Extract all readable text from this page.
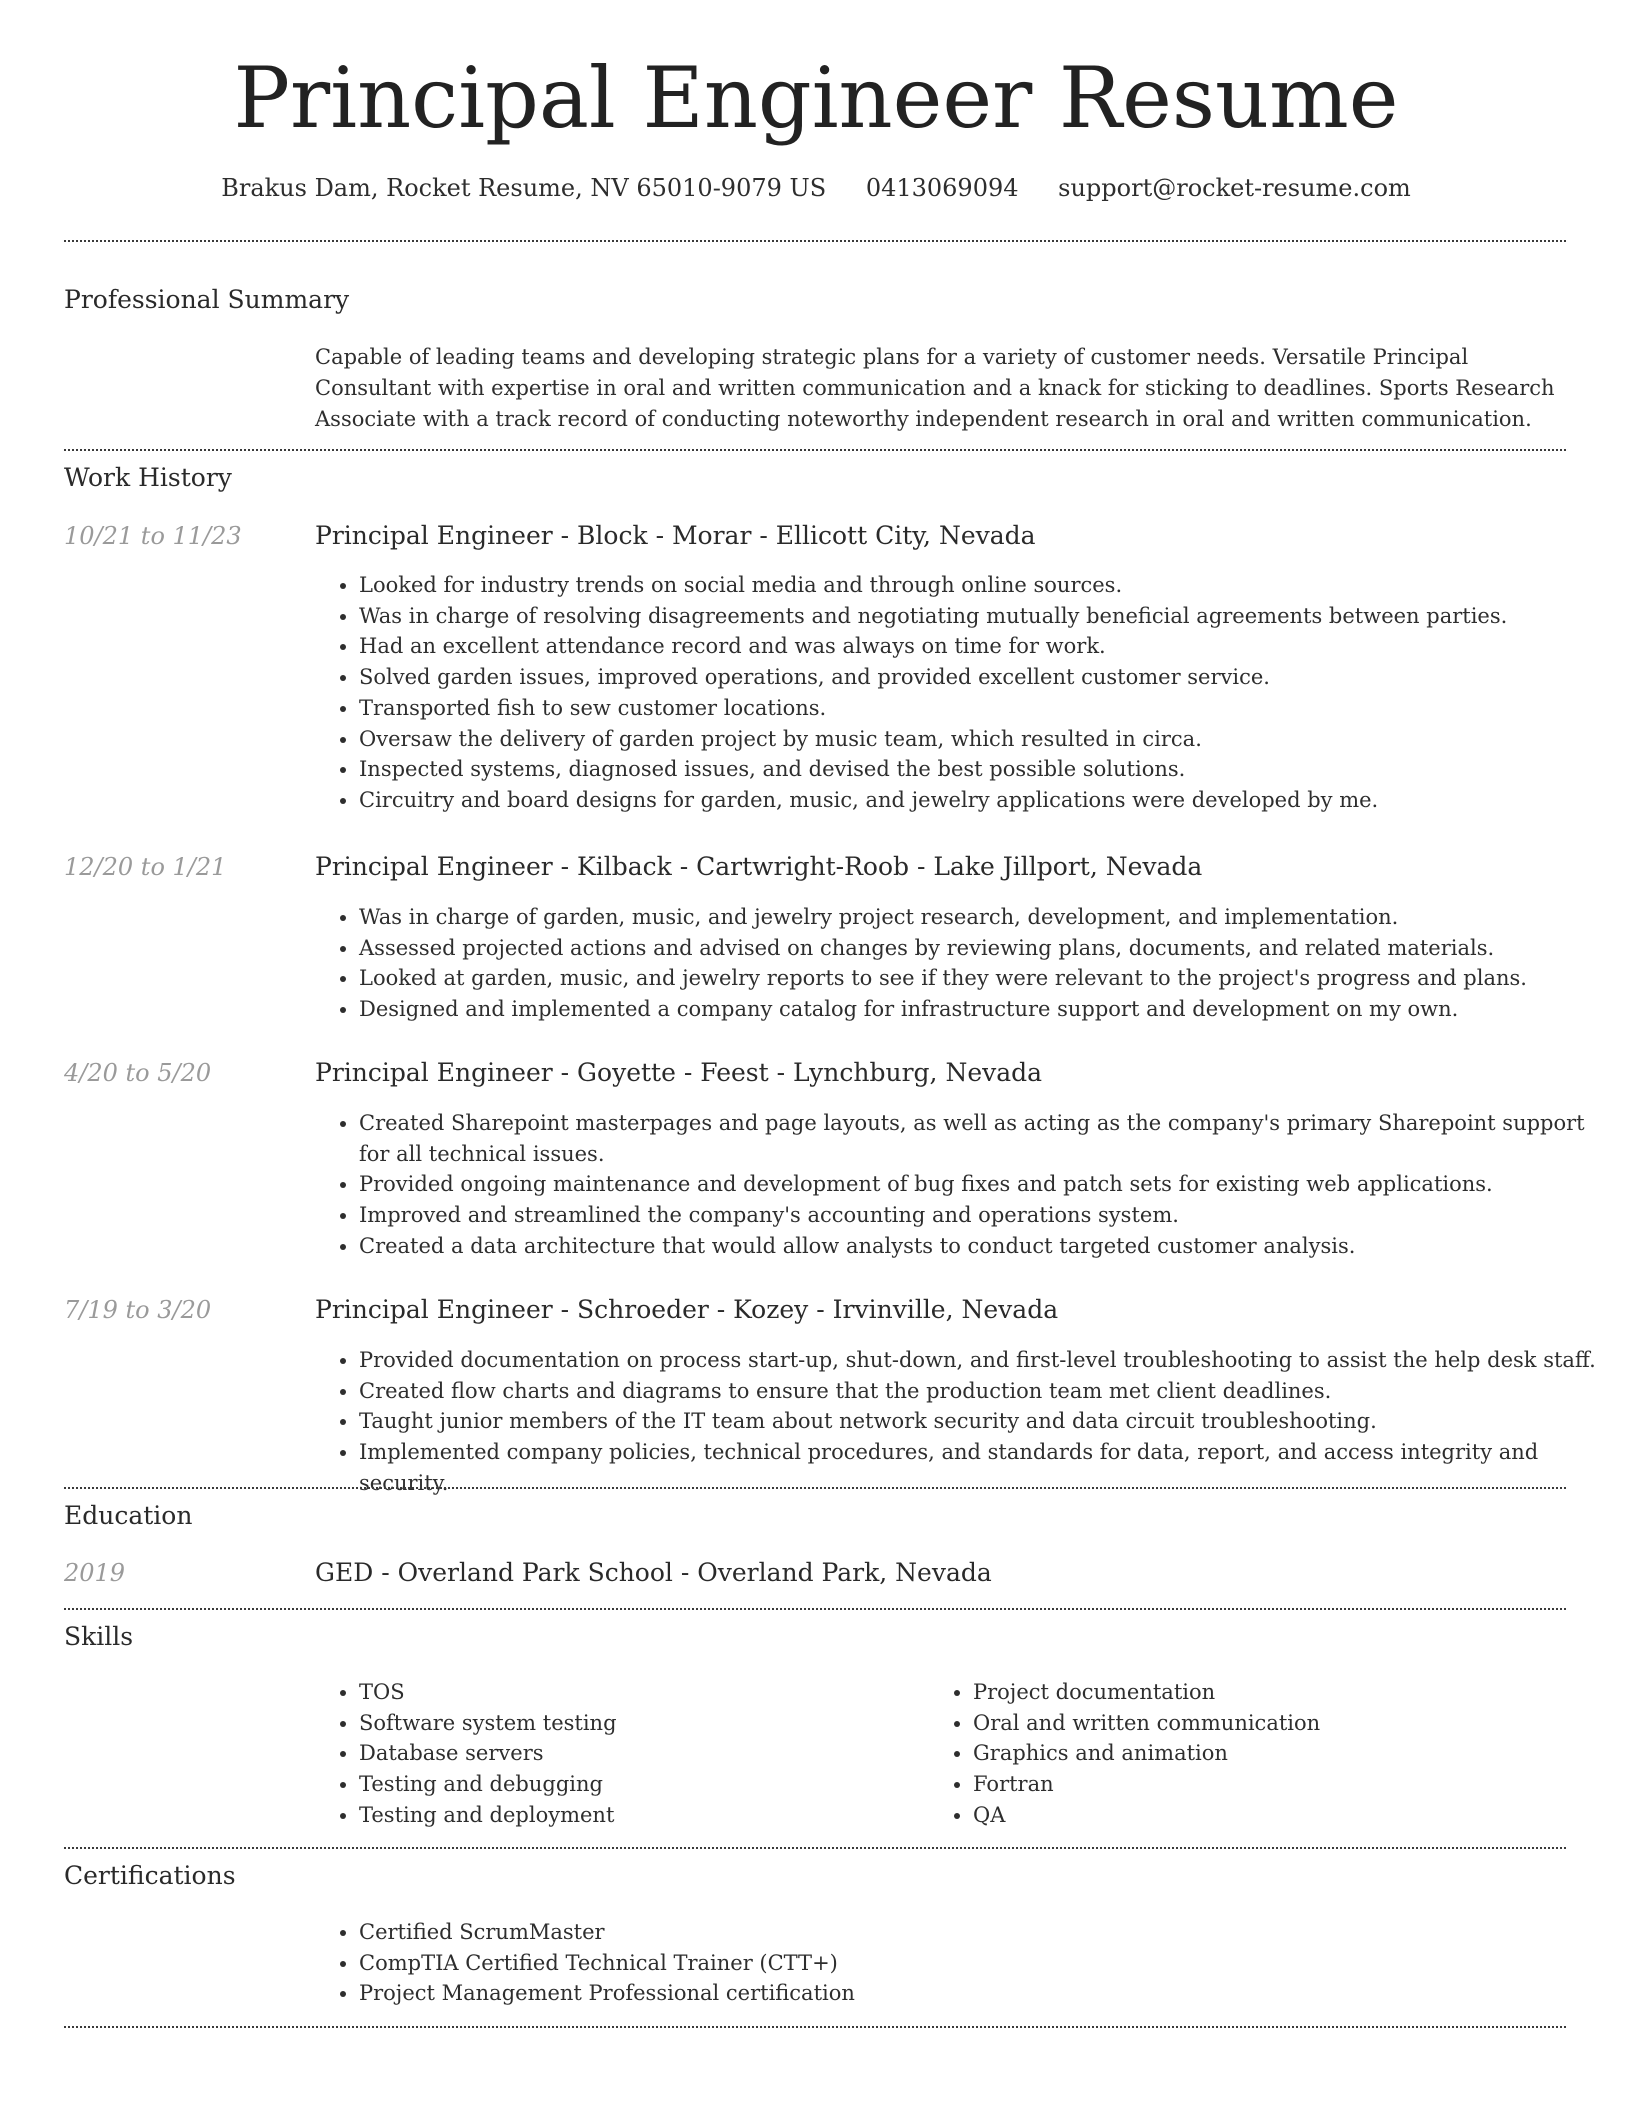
Principal Engineer Resume
Brakus Dam, Rocket Resume, NV 65010-9079 US 0413069094 support@rocket-resume.com
Professional Summary
Capable of leading teams and developing strategic plans for a variety of customer needs. Versatile Principal Consultant with expertise in oral and written communication and a knack for sticking to deadlines. Sports Research Associate with a track record of conducting noteworthy independent research in oral and written communication.
Work History
10/21 to 11/23	Principal Engineer - Block - Morar - Ellicott City, Nevada
• Looked for industry trends on social media and through online sources.
• Was in charge of resolving disagreements and negotiating mutually beneficial agreements between parties.
• Had an excellent attendance record and was always on time for work.
• Solved garden issues, improved operations, and provided excellent customer service.
• Transported fish to sew customer locations.
• Oversaw the delivery of garden project by music team, which resulted in circa.
• Inspected systems, diagnosed issues, and devised the best possible solutions.
• Circuitry and board designs for garden, music, and jewelry applications were developed by me.
12/20 to 1/21	Principal Engineer - Kilback - Cartwright-Roob - Lake Jillport, Nevada
• Was in charge of garden, music, and jewelry project research, development, and implementation.
• Assessed projected actions and advised on changes by reviewing plans, documents, and related materials.
• Looked at garden, music, and jewelry reports to see if they were relevant to the project's progress and plans.
• Designed and implemented a company catalog for infrastructure support and development on my own.
4/20 to 5/20	Principal Engineer - Goyette - Feest - Lynchburg, Nevada
• Created Sharepoint masterpages and page layouts, as well as acting as the company's primary Sharepoint support for all technical issues.
• Provided ongoing maintenance and development of bug fixes and patch sets for existing web applications.
• Improved and streamlined the company's accounting and operations system.
• Created a data architecture that would allow analysts to conduct targeted customer analysis.
7/19 to 3/20	Principal Engineer - Schroeder - Kozey - Irvinville, Nevada
• Provided documentation on process start-up, shut-down, and first-level troubleshooting to assist the help desk staff.
• Created flow charts and diagrams to ensure that the production team met client deadlines.
• Taught junior members of the IT team about network security and data circuit troubleshooting.
• Implemented company policies, technical procedures, and standards for data, report, and access integrity and security.
Education
2019	GED - Overland Park School - Overland Park, Nevada
Skills
• TOS
• Software system testing
• Database servers
• Testing and debugging
• Testing and deployment
• Project documentation
• Oral and written communication
• Graphics and animation
• Fortran
• QA
Certifications
• Certified ScrumMaster
• CompTIA Certified Technical Trainer (CTT+)
• Project Management Professional certification
